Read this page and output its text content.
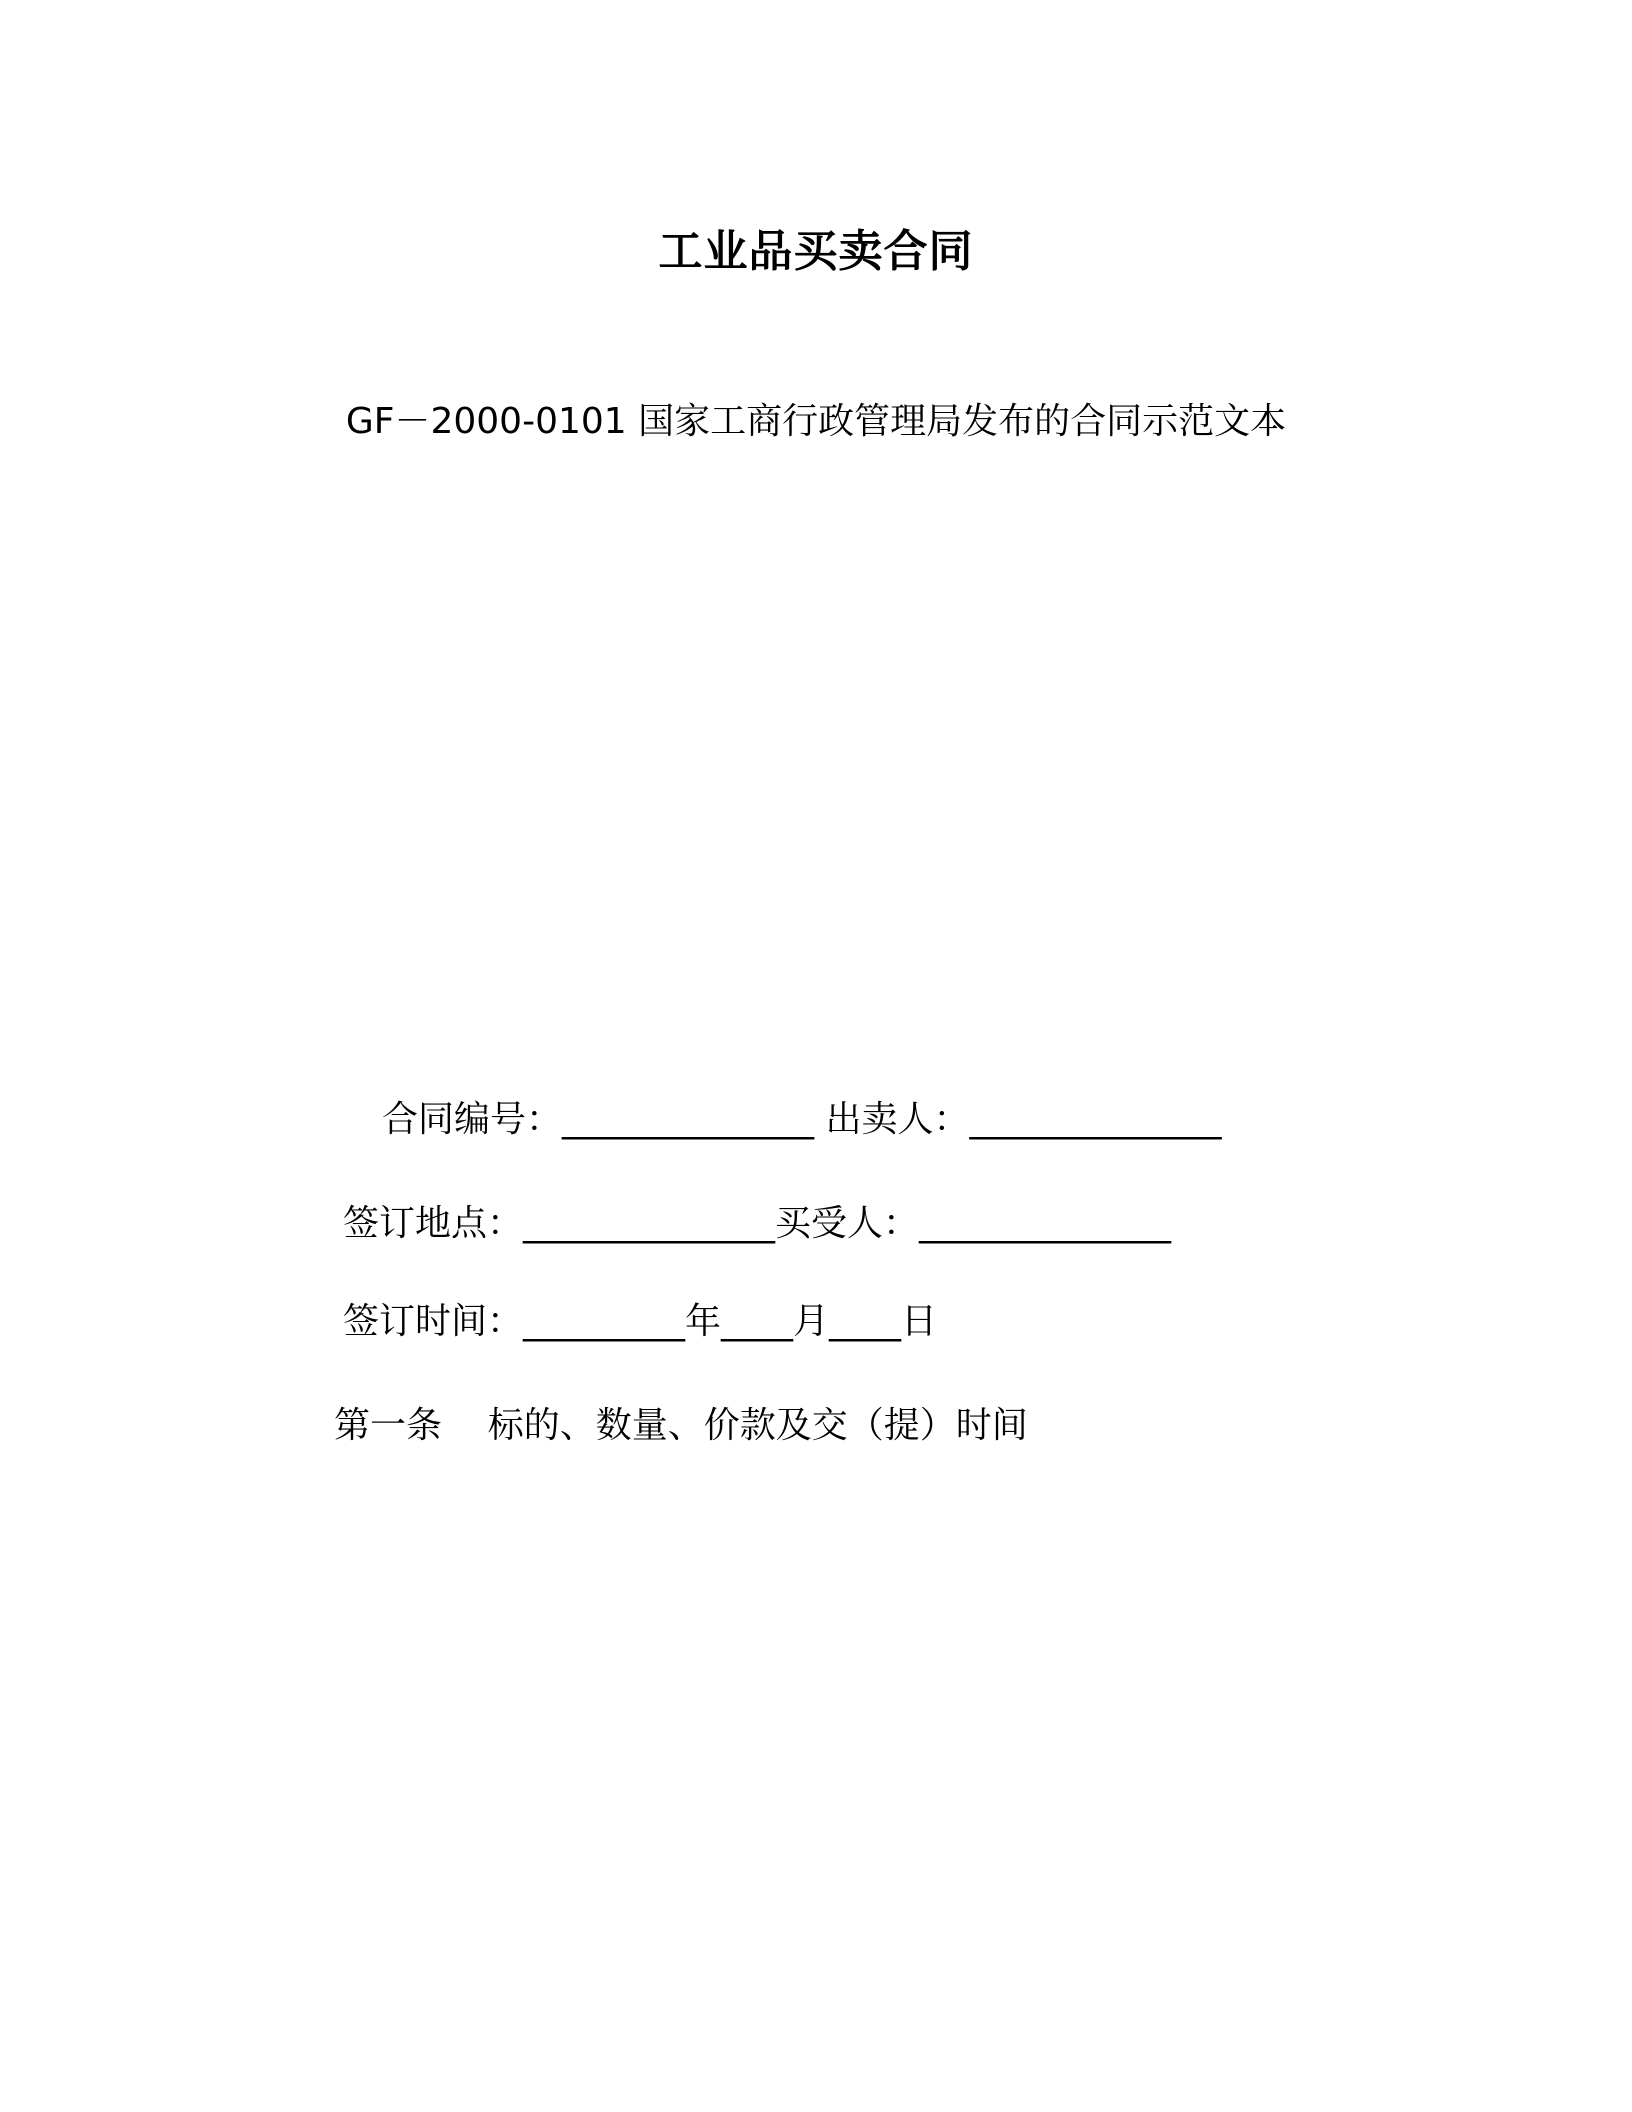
工业品买卖合同
GF－2000-0101 国家工商行政管理局发布的合同示范文本
合同编号：______________ 出卖人：______________
签订地点：______________买受人：______________
签订时间：_________年____月____日
第一条    标的、数量、价款及交（提）时间
